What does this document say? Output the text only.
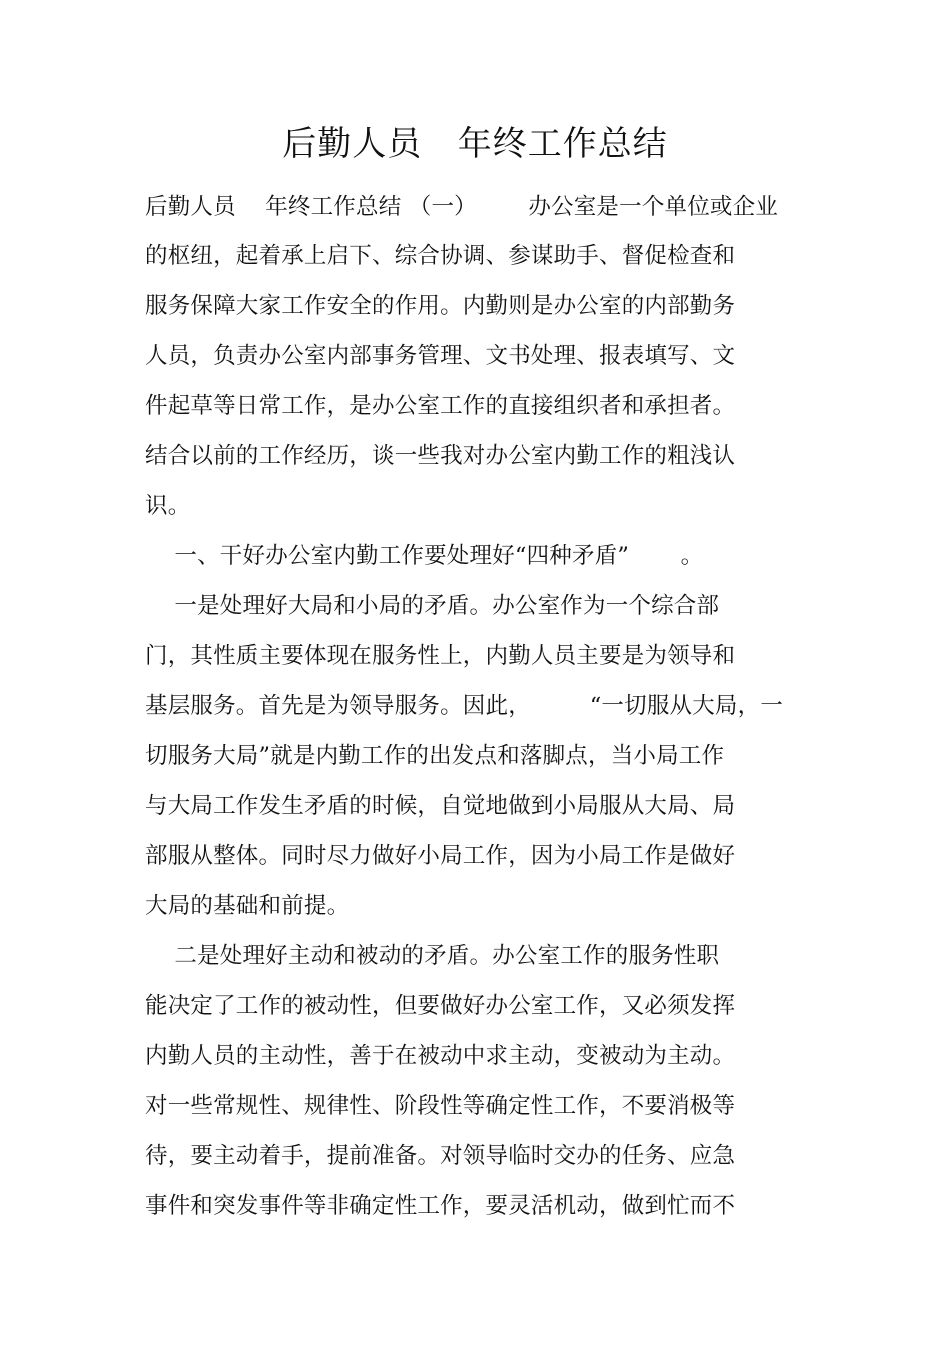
后勤人员   年终工作总结
后勤人员    年终工作总结 （一）       办公室是一个单位或企业
的枢纽，起着承上启下、综合协调、参谋助手、督促检查和
服务保障大家工作安全的作用。内勤则是办公室的内部勤务
人员，负责办公室内部事务管理、文书处理、报表填写、文
件起草等日常工作，是办公室工作的直接组织者和承担者。
结合以前的工作经历，谈一些我对办公室内勤工作的粗浅认
识。
一、干好办公室内勤工作要处理好“四种矛盾”       。
一是处理好大局和小局的矛盾。办公室作为一个综合部
门，其性质主要体现在服务性上，内勤人员主要是为领导和
基层服务。首先是为领导服务。因此，        “一切服从大局，一
切服务大局”就是内勤工作的出发点和落脚点，当小局工作
与大局工作发生矛盾的时候，自觉地做到小局服从大局、局
部服从整体。同时尽力做好小局工作，因为小局工作是做好
大局的基础和前提。
二是处理好主动和被动的矛盾。办公室工作的服务性职
能决定了工作的被动性，但要做好办公室工作，又必须发挥
内勤人员的主动性，善于在被动中求主动，变被动为主动。
对一些常规性、规律性、阶段性等确定性工作，不要消极等
待，要主动着手，提前准备。对领导临时交办的任务、应急
事件和突发事件等非确定性工作，要灵活机动，做到忙而不
